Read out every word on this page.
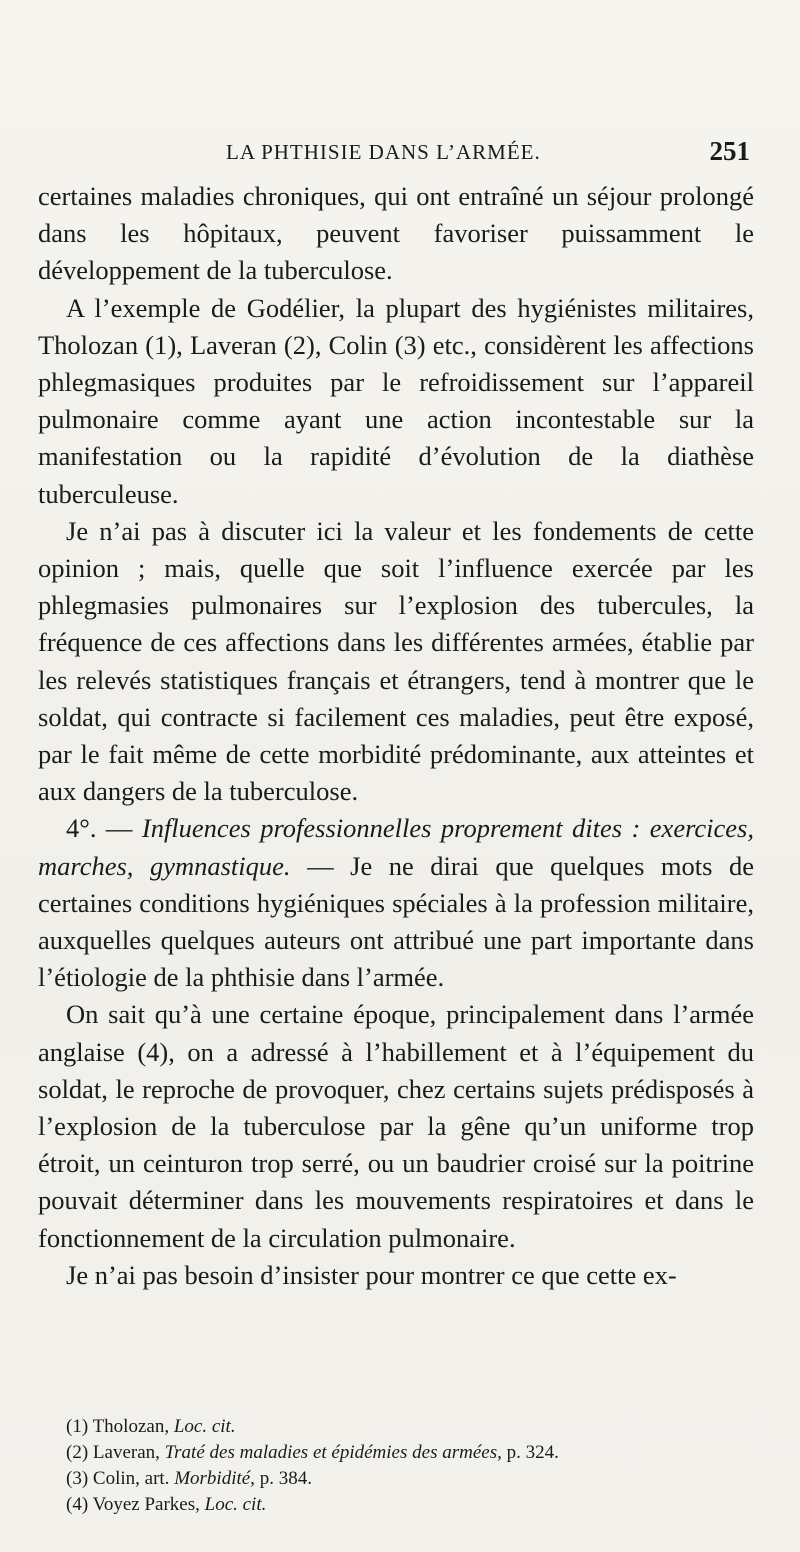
LA PHTHISIE DANS L’ARMÉE.	251

certaines maladies chroniques, qui ont entraîné un séjour prolongé dans les hôpitaux, peuvent favoriser puissamment le développement de la tuberculose.

A l’exemple de Godélier, la plupart des hygiénistes militaires, Tholozan (1), Laveran (2), Colin (3) etc., considèrent les affections phlegmasiques produites par le refroidissement sur l’appareil pulmonaire comme ayant une action incontestable sur la manifestation ou la rapidité d’évolution de la diathèse tuberculeuse.

Je n’ai pas à discuter ici la valeur et les fondements de cette opinion ; mais, quelle que soit l’influence exercée par les phlegmasies pulmonaires sur l’explosion des tubercules, la fréquence de ces affections dans les différentes armées, établie par les relevés statistiques français et étrangers, tend à montrer que le soldat, qui contracte si facilement ces maladies, peut être exposé, par le fait même de cette morbidité prédominante, aux atteintes et aux dangers de la tuberculose.

4°. — Influences professionnelles proprement dites : exercices, marches, gymnastique. — Je ne dirai que quelques mots de certaines conditions hygiéniques spéciales à la profession militaire, auxquelles quelques auteurs ont attribué une part importante dans l’étiologie de la phthisie dans l’armée.

On sait qu’à une certaine époque, principalement dans l’armée anglaise (4), on a adressé à l’habillement et à l’équipement du soldat, le reproche de provoquer, chez certains sujets prédisposés à l’explosion de la tuberculose par la gêne qu’un uniforme trop étroit, un ceinturon trop serré, ou un baudrier croisé sur la poitrine pouvait déterminer dans les mouvements respiratoires et dans le fonctionnement de la circulation pulmonaire.

Je n’ai pas besoin d’insister pour montrer ce que cette ex-

(1) Tholozan, Loc. cit.

(2) Laveran, Traté des maladies et épidémies des armées, p. 324.

(3) Colin, art. Morbidité, p. 384.

(4) Voyez Parkes, Loc. cit.
